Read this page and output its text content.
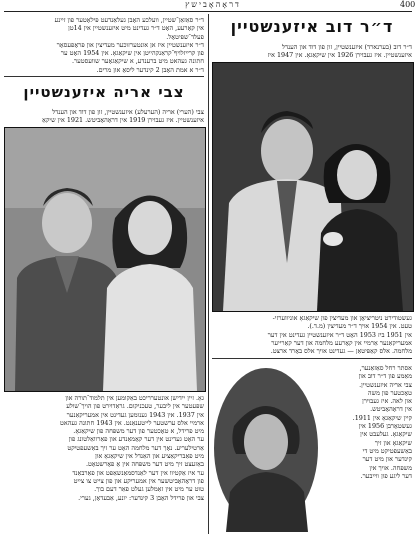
400
דראָהאָבישץ
ד״ר סאַזאַן־שטיין, וועלכע האָבן געלאַנדעט פּילאָטער פון זיינע
אין קאָרעע, האָט ד״ר געדינט מיט איזענשטיין אין 14טן
פעלד־שפּיטאָל.
ד״ר איזענשטיין איז אן אונטערזוכער מעדיצין און פּראָפעסאָר
פון קרייזלויף־קראַנקהייטן אין שיקאַגאָ. אין 1954 האָט ער
חתונה געהאט מיט ברענדע, א שיקאַגאָער שוועסטער.
ד״ר א אמת האָבן 2 קינדער ליסאַ און מרים.
צבי אריה איזענשטיין
צבי (הערי) אריה (הערעלע) איזענשטיין, זון פון דוד און הענדל
איזענשטיין. איז געבוירן 1919 אין דראָהאָביטש. 1921 אין שיקאַ
גאָ. זיין יידישן אונטערריכט באַקומען אין תלמוד־תורה און
שפּעטער אין ליבער, טעכניקום. גראַדויִרט פון הויך־שולע
אין 1937. אין 1943 גענומען געדינט אין אמעריקאַנער
ארמיי אלס ערשטער לייטענאַנט. אין 1943 חתונה געהאט
מיט פרידל, א טאָכטער פון דער משפּחה פון שיקאַגאָ.
ער האָט געדינט אין דער קאָמאַנדע און פאַרוואַלטונג פון
אַרטילעריע. נאָך דער מלחמה האָט ער זיך באַשעפטיקט
מיט פאַבריקאַציע און האַנדל אין שיקאַגאָ און
באַזעצט זיך מיט דער משפּחה אין אַ פאָרשטאָט.
ער איז אַקטיוו אין דער לאַנדסמאַנשאַפט און פאַרבאַנד
פון דראָהאָביטשער אין אמעריקע און פון צייט צו צייט
טוט ער מיט אין זאַמלען געלט פאַר דעם בוך.
צבי און פרידל האָבן 3 קינדער: יונע, אַבעדאָן, גערי.
ד״ר דוב איזענשטיין
ד״ר דוב (בערנארד) איזענשטיין, זון פון דוד און הענדל
איזענשטיין. איז געבוירן 1926 אין שיקאַגאָ. אין 1947 איז
געשטודירט ניטריציאָן און מעדיצין פון שיקאַגאָ אוניווערזי-
טעט. אין 1954 אויך ד״ר מעדיצין (מ.ד.).
אין 1951 ביז 1953 האָט ד״ר איזענשטיין געדינט אין דער
אמעריקאַנער אַרמיי אין קאָרעע מלחמה און דער קאַרייער
מלחמה. אלס קאַפּיטאַן — געדינט אויך אלס באָרד ארצט.
אסתר רחל סאַזאַנער,
מאַמע פון ד״ר דוב און
צבי אריה איזענשטיין.
טאָכטער פון משה
און לאה. איז געבוירן
אין דראָהאָביטש.
קיין שיקאַגאָ אין 1911.
געשטאָרבן 1956 אין
שיקאַגאָ. געלעבט אין
שיקאַגאָ און זיך
באַשעפטיקט מיט די
קינדער און מיט דער
משפּחה. אויך אין
דער ליגע פון ווייבער.
